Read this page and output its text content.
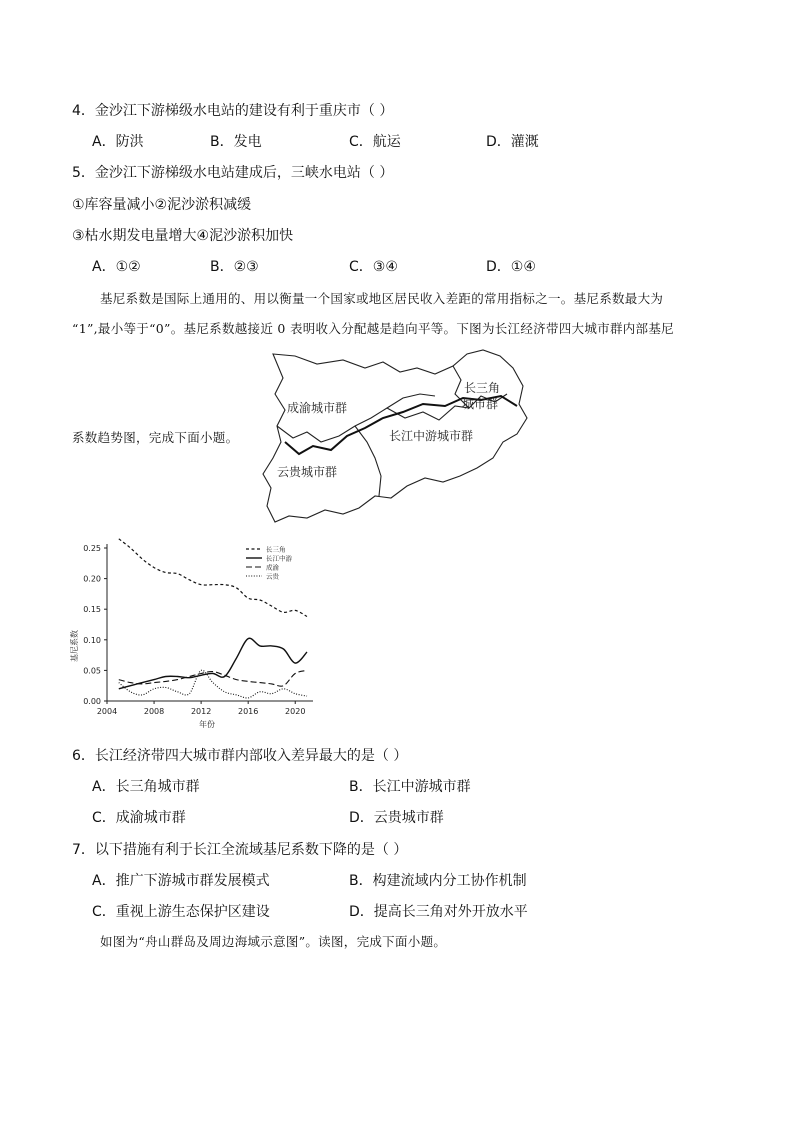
4．金沙江下游梯级水电站的建设有利于重庆市（ ）
A．防洪	B．发电	C．航运	D．灌溉
5．金沙江下游梯级水电站建成后，三峡水电站（ ）
①库容量减小②泥沙淤积减缓
③枯水期发电量增大④泥沙淤积加快
A．①②	B．②③	C．③④	D．①④
基尼系数是国际上通用的、用以衡量一个国家或地区居民收入差距的常用指标之一。基尼系数最大为
“1”,最小等于“0”。基尼系数越接近 0 表明收入分配越是趋向平等。下图为长江经济带四大城市群内部基尼
系数趋势图，完成下面小题。
成渝城市群
长三角
城市群
长江中游城市群
云贵城市群
0.00
0.05
0.10
0.15
0.20
0.25
2004	2008	2012	2016	2020
长三角
长江中游
成渝
云贵
基尼系数
年份
6．长江经济带四大城市群内部收入差异最大的是（ ）
A．长三角城市群	B．长江中游城市群
C．成渝城市群	D．云贵城市群
7．以下措施有利于长江全流域基尼系数下降的是（ ）
A．推广下游城市群发展模式	B．构建流域内分工协作机制
C．重视上游生态保护区建设	D．提高长三角对外开放水平
如图为“舟山群岛及周边海域示意图”。读图，完成下面小题。
